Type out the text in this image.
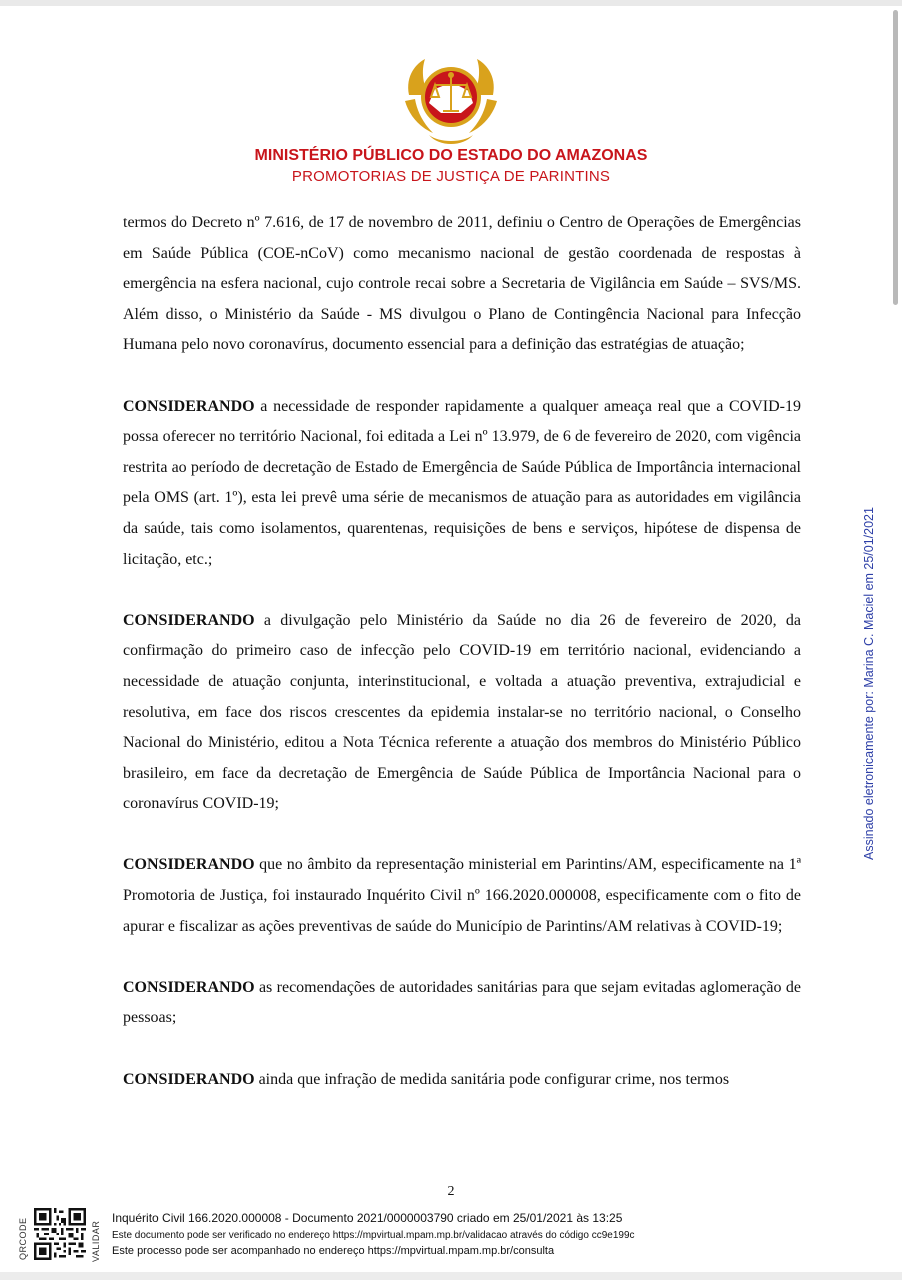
MINISTÉRIO PÚBLICO DO ESTADO DO AMAZONAS
PROMOTORIAS DE JUSTIÇA DE PARINTINS

termos do Decreto nº 7.616, de 17 de novembro de 2011, definiu o Centro de Operações de Emergências em Saúde Pública (COE-nCoV) como mecanismo nacional de gestão coordenada de respostas à emergência na esfera nacional, cujo controle recai sobre a Secretaria de Vigilância em Saúde – SVS/MS. Além disso, o Ministério da Saúde - MS divulgou o Plano de Contingência Nacional para Infecção Humana pelo novo coronavírus, documento essencial para a definição das estratégias de atuação;

CONSIDERANDO a necessidade de responder rapidamente a qualquer ameaça real que a COVID-19 possa oferecer no território Nacional, foi editada a Lei nº 13.979, de 6 de fevereiro de 2020, com vigência restrita ao período de decretação de Estado de Emergência de Saúde Pública de Importância internacional pela OMS (art. 1º), esta lei prevê uma série de mecanismos de atuação para as autoridades em vigilância da saúde, tais como isolamentos, quarentenas, requisições de bens e serviços, hipótese de dispensa de licitação, etc.;

CONSIDERANDO a divulgação pelo Ministério da Saúde no dia 26 de fevereiro de 2020, da confirmação do primeiro caso de infecção pelo COVID-19 em território nacional, evidenciando a necessidade de atuação conjunta, interinstitucional, e voltada a atuação preventiva, extrajudicial e resolutiva, em face dos riscos crescentes da epidemia instalar-se no território nacional, o Conselho Nacional do Ministério, editou a Nota Técnica referente a atuação dos membros do Ministério Público brasileiro, em face da decretação de Emergência de Saúde Pública de Importância Nacional para o coronavírus COVID-19;

CONSIDERANDO que no âmbito da representação ministerial em Parintins/AM, especificamente na 1ª Promotoria de Justiça, foi instaurado Inquérito Civil nº 166.2020.000008, especificamente com o fito de apurar e fiscalizar as ações preventivas de saúde do Município de Parintins/AM relativas à COVID-19;

CONSIDERANDO as recomendações de autoridades sanitárias para que sejam evitadas aglomeração de pessoas;

CONSIDERANDO ainda que infração de medida sanitária pode configurar crime, nos termos

2
Assinado eletronicamente por: Marina C. Maciel em 25/01/2021
QRCODE	VALIDAR
Inquérito Civil 166.2020.000008 - Documento 2021/0000003790 criado em 25/01/2021 às 13:25
Este documento pode ser verificado no endereço https://mpvirtual.mpam.mp.br/validacao através do código cc9e199c
Este processo pode ser acompanhado no endereço https://mpvirtual.mpam.mp.br/consulta
